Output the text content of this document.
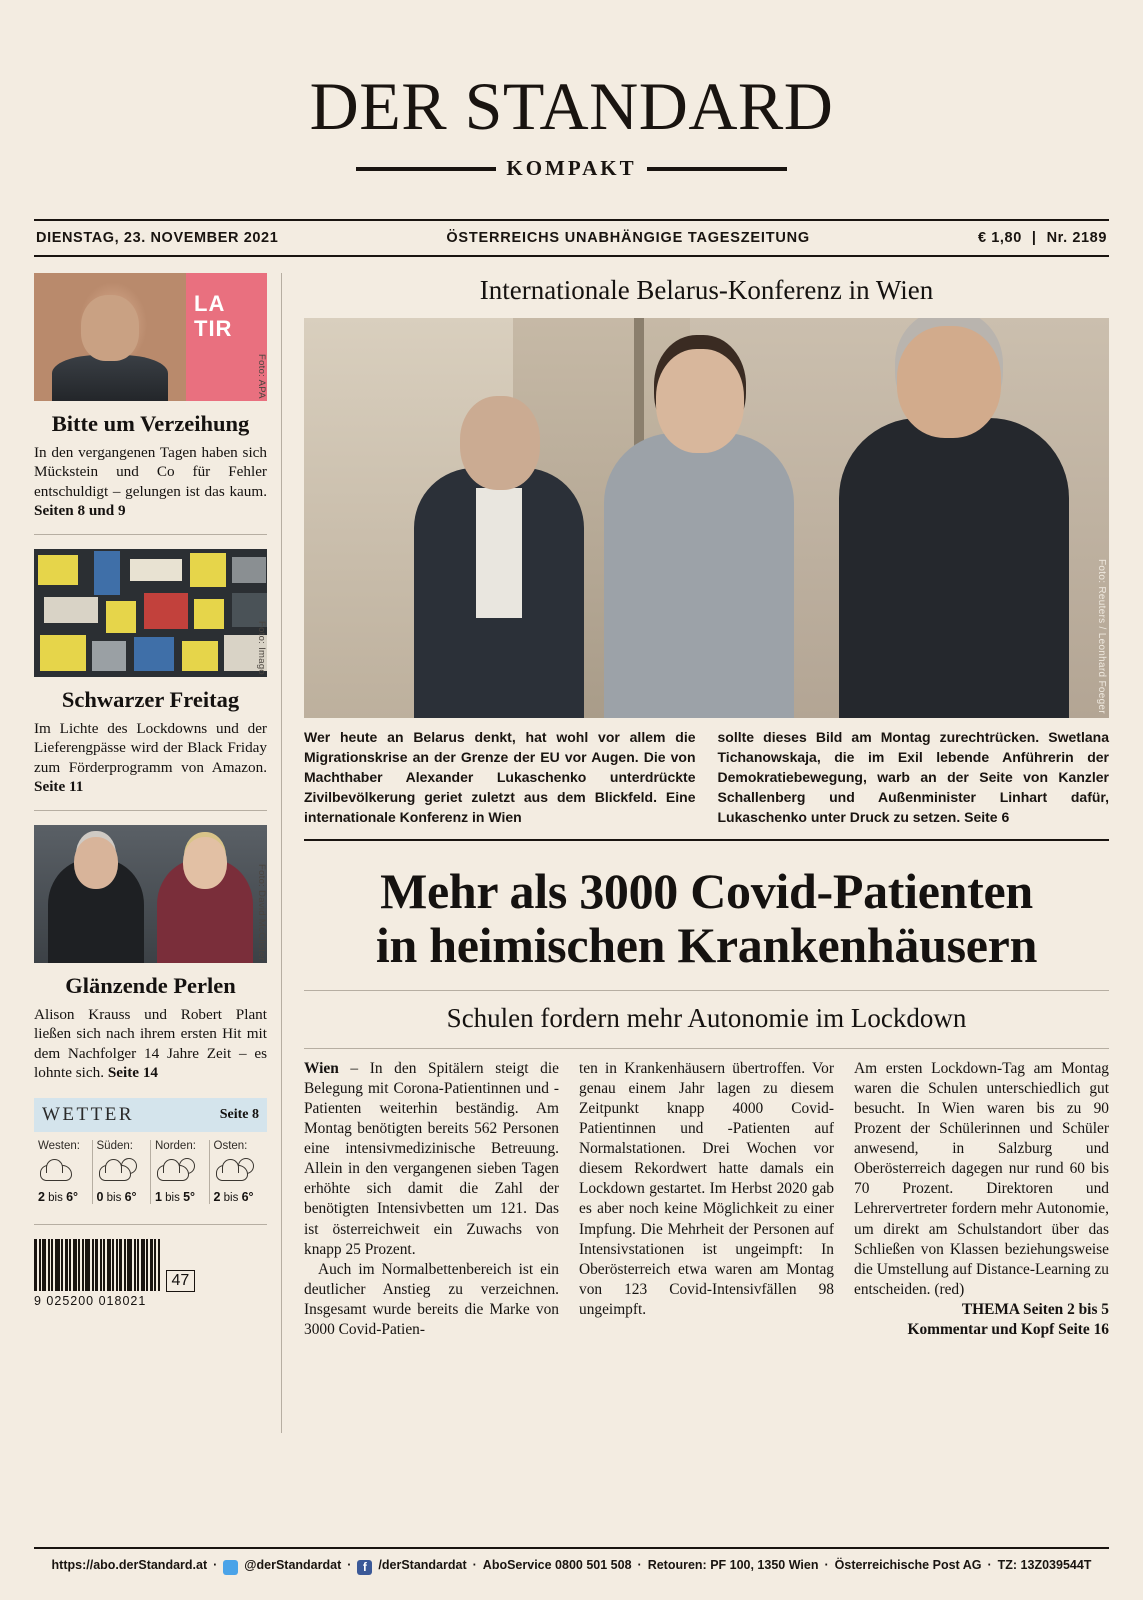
DER STANDARD
KOMPAKT
DIENSTAG, 23. NOVEMBER 2021	ÖSTERREICHS UNABHÄNGIGE TAGESZEITUNG	€ 1,80 | Nr. 2189
LA
TIR
Foto: APA
Bitte um Verzeihung
In den vergangenen Tagen haben sich Mückstein und Co für Fehler entschuldigt – gelungen ist das kaum. Seiten 8 und 9
Foto: Imago
Schwarzer Freitag
Im Lichte des Lockdowns und der Lieferengpässe wird der Black Friday zum Förderprogramm von Amazon. Seite 11
Foto: David McClister
Glänzende Perlen
Alison Krauss und Robert Plant ließen sich nach ihrem ersten Hit mit dem Nachfolger 14 Jahre Zeit – es lohnte sich. Seite 14
WETTER	Seite 8
Westen:
2 bis 6°
Süden:
0 bis 6°
Norden:
1 bis 5°
Osten:
2 bis 6°
9 025200 018021
47
Internationale Belarus-Konferenz in Wien
Foto: Reuters / Leonhard Foeger

Wer heute an Belarus denkt, hat wohl vor allem die Migrationskrise an der Grenze der EU vor Augen. Die von Machthaber Alexander Lukaschenko unterdrückte Zivilbevölkerung geriet zuletzt aus dem Blickfeld. Eine internationale Konferenz in Wien

sollte dieses Bild am Montag zurechtrücken. Swetlana Tichanowskaja, die im Exil lebende Anführerin der Demokratiebewegung, warb an der Seite von Kanzler Schallenberg und Außenminister Linhart dafür, Lukaschenko unter Druck zu setzen. Seite 6

Mehr als 3000 Covid-Patienten
in heimischen Krankenhäusern
Schulen fordern mehr Autonomie im Lockdown

Wien – In den Spitälern steigt die Belegung mit Corona-Patientinnen und -Patienten weiterhin beständig. Am Montag benötigten bereits 562 Personen eine intensivmedizinische Betreuung. Allein in den vergangenen sieben Tagen erhöhte sich damit die Zahl der benötigten Intensivbetten um 121. Das ist österreichweit ein Zuwachs von knapp 25 Prozent.

Auch im Normalbettenbereich ist ein deutlicher Anstieg zu verzeichnen. Insgesamt wurde bereits die Marke von 3000 Covid-Patien-

ten in Krankenhäusern übertroffen. Vor genau einem Jahr lagen zu diesem Zeitpunkt knapp 4000 Covid-Patientinnen und -Patienten auf Normalstationen. Drei Wochen vor diesem Rekordwert hatte damals ein Lockdown gestartet. Im Herbst 2020 gab es aber noch keine Möglichkeit zu einer Impfung. Die Mehrheit der Personen auf Intensivstationen ist ungeimpft: In Oberösterreich etwa waren am Montag von 123 Covid-Intensivfällen 98 ungeimpft.

Am ersten Lockdown-Tag am Montag waren die Schulen unterschiedlich gut besucht. In Wien waren bis zu 90 Prozent der Schülerinnen und Schüler anwesend, in Salzburg und Oberösterreich dagegen nur rund 60 bis 70 Prozent. Direktoren und Lehrervertreter fordern mehr Autonomie, um direkt am Schulstandort über das Schließen von Klassen beziehungsweise die Umstellung auf Distance-Learning zu entscheiden. (red)

THEMA Seiten 2 bis 5
Kommentar und Kopf Seite 16
https://abo.derStandard.at · @derStandardat · f /derStandardat · AboService 0800 501 508 · Retouren: PF 100, 1350 Wien · Österreichische Post AG · TZ: 13Z039544T
